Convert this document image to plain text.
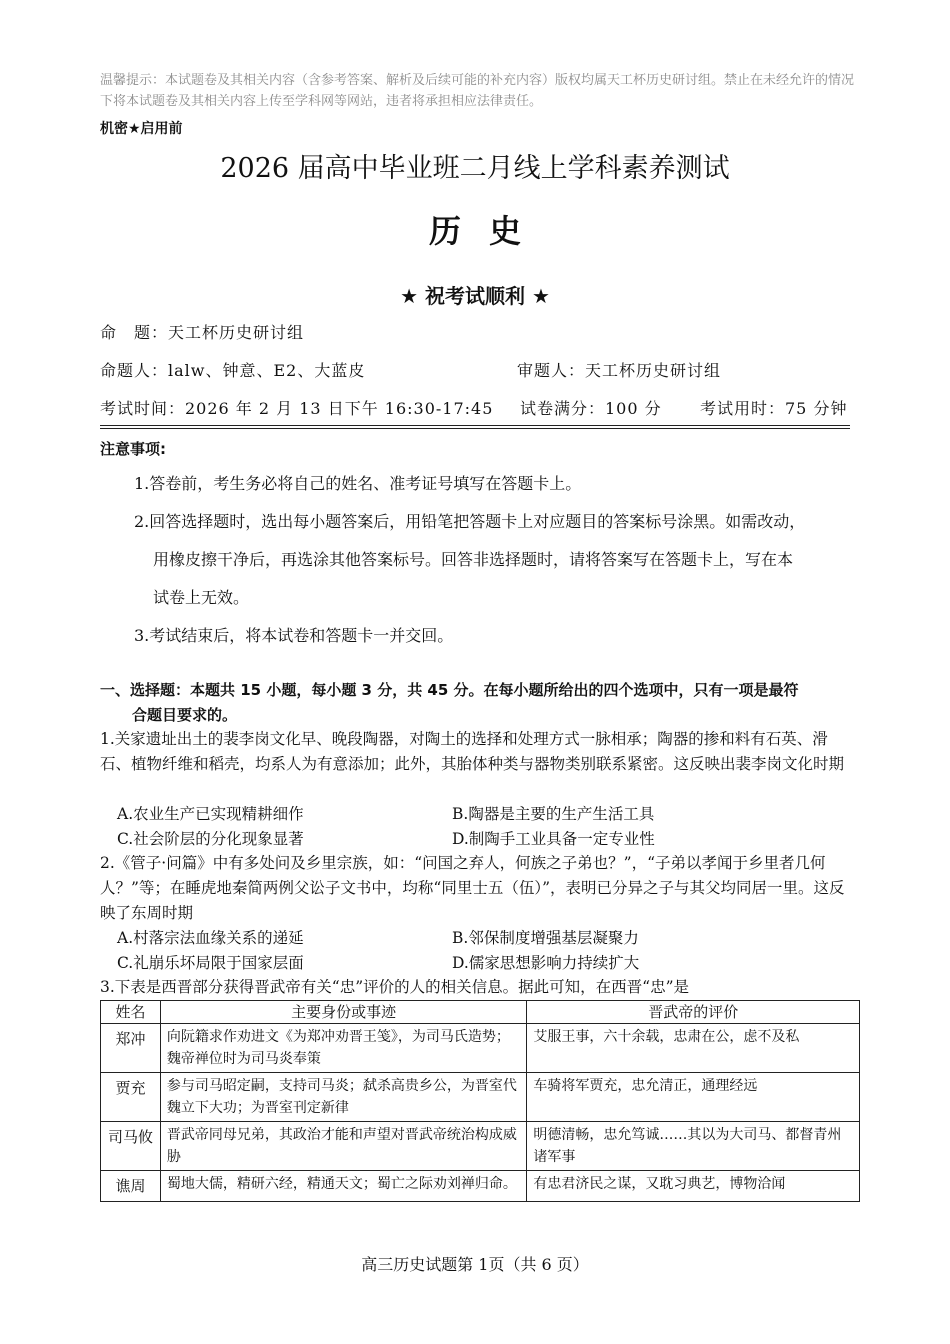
温馨提示：本试题卷及其相关内容（含参考答案、解析及后续可能的补充内容）版权均属天工杯历史研讨组。禁止在未经允许的情况下将本试题卷及其相关内容上传至学科网等网站，违者将承担相应法律责任。
机密★启用前
2026 届高中毕业班二月线上学科素养测试
历史
★ 祝考试顺利 ★
命　题：天工杯历史研讨组
命题人：lalw、钟意、E2、大蓝皮	审题人：天工杯历史研讨组
考试时间：2026 年 2 月 13 日下午 16:30-17:45 试卷满分：100 分 考试用时：75 分钟
注意事项:
1.答卷前，考生务必将自己的姓名、准考证号填写在答题卡上。
2.回答选择题时，选出每小题答案后，用铅笔把答题卡上对应题目的答案标号涂黑。如需改动，
用橡皮擦干净后，再选涂其他答案标号。回答非选择题时，请将答案写在答题卡上，写在本
试卷上无效。
3.考试结束后，将本试卷和答题卡一并交回。
一、选择题：本题共 15 小题，每小题 3 分，共 45 分。在每小题所给出的四个选项中，只有一项是最符
合题目要求的。
1.关家遗址出土的裴李岗文化早、晚段陶器，对陶土的选择和处理方式一脉相承；陶器的掺和料有石英、滑石、植物纤维和稻壳，均系人为有意添加；此外，其胎体种类与器物类别联系紧密。这反映出裴李岗文化时期
A.农业生产已实现精耕细作	B.陶器是主要的生产生活工具
C.社会阶层的分化现象显著	D.制陶手工业具备一定专业性
2.《管子·问篇》中有多处问及乡里宗族，如：“问国之弃人，何族之子弟也？”，“子弟以孝闻于乡里者几何人？”等；在睡虎地秦简两例父讼子文书中，均称“同里士五（伍）”，表明已分异之子与其父均同居一里。这反映了东周时期
A.村落宗法血缘关系的递延	B.邻保制度增强基层凝聚力
C.礼崩乐坏局限于国家层面	D.儒家思想影响力持续扩大
3.下表是西晋部分获得晋武帝有关“忠”评价的人的相关信息。据此可知，在西晋“忠”是
姓名	主要身份或事迹	晋武帝的评价
郑冲	向阮籍求作劝进文《为郑冲劝晋王笺》，为司马氏造势；魏帝禅位时为司马炎奉策	艾服王事，六十余载，忠肃在公，虑不及私
贾充	参与司马昭定嗣，支持司马炎；弑杀高贵乡公，为晋室代魏立下大功；为晋室刊定新律	车骑将军贾充，忠允清正，通理经远
司马攸	晋武帝同母兄弟，其政治才能和声望对晋武帝统治构成威胁	明德清畅，忠允笃诚……其以为大司马、都督青州诸军事
谯周	蜀地大儒，精研六经，精通天文；蜀亡之际劝刘禅归命。	有忠君济民之谋，又耽习典艺，博物洽闻
高三历史试题第 1页（共 6 页）
